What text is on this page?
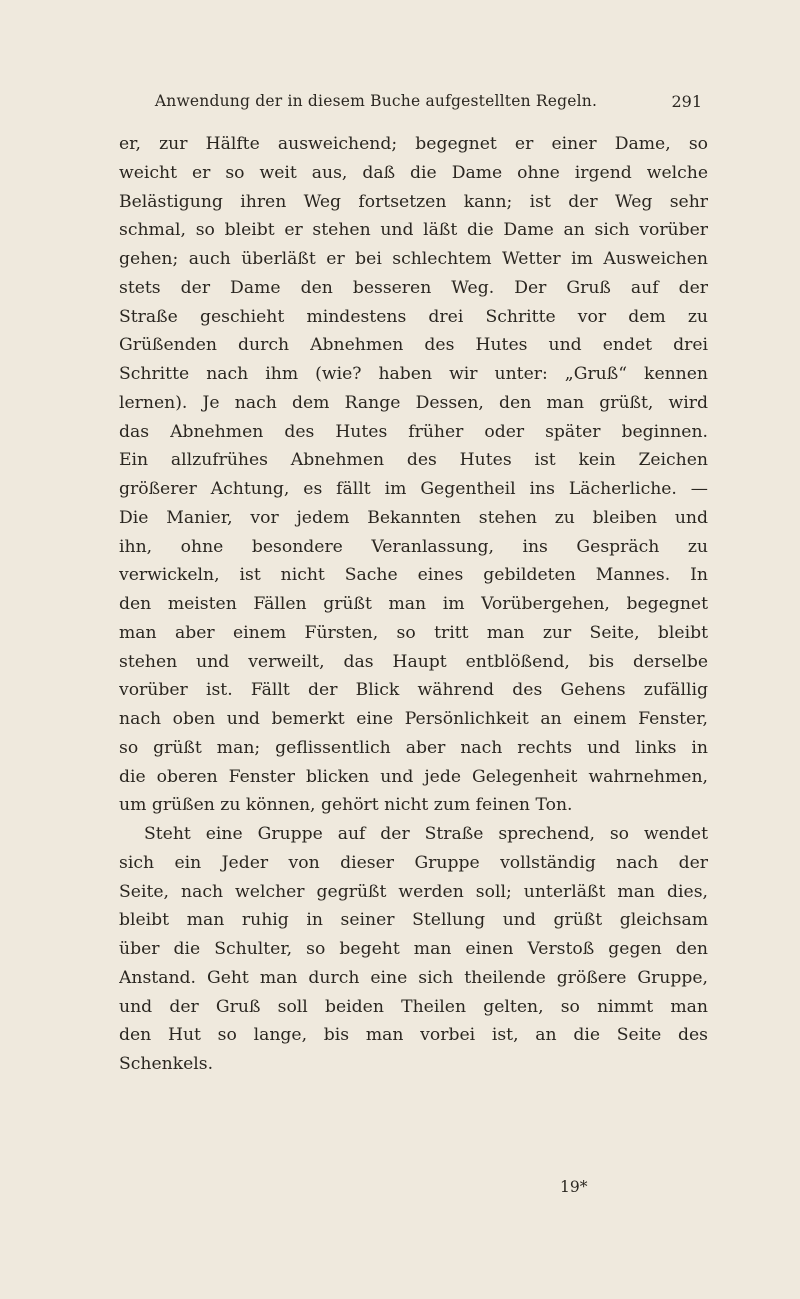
Anwendung der in diesem Buche aufgestellten Regeln.	291
er, zur Hälfte ausweichend; begegnet er einer Dame, so
weicht er so weit aus, daß die Dame ohne irgend welche
Belästigung ihren Weg fortsetzen kann; ist der Weg sehr
schmal, so bleibt er stehen und läßt die Dame an sich vorüber
gehen; auch überläßt er bei schlechtem Wetter im Ausweichen
stets der Dame den besseren Weg. Der Gruß auf der
Straße geschieht mindestens drei Schritte vor dem zu
Grüßenden durch Abnehmen des Hutes und endet drei
Schritte nach ihm (wie? haben wir unter: „Gruß“ kennen
lernen). Je nach dem Range Dessen, den man grüßt, wird
das Abnehmen des Hutes früher oder später beginnen.
Ein allzufrühes Abnehmen des Hutes ist kein Zeichen
größerer Achtung, es fällt im Gegentheil ins Lächerliche. —
Die Manier, vor jedem Bekannten stehen zu bleiben und
ihn, ohne besondere Veranlassung, ins Gespräch zu
verwickeln, ist nicht Sache eines gebildeten Mannes. In
den meisten Fällen grüßt man im Vorübergehen, begegnet
man aber einem Fürsten, so tritt man zur Seite, bleibt
stehen und verweilt, das Haupt entblößend, bis derselbe
vorüber ist. Fällt der Blick während des Gehens zufällig
nach oben und bemerkt eine Persönlichkeit an einem Fenster,
so grüßt man; geflissentlich aber nach rechts und links in
die oberen Fenster blicken und jede Gelegenheit wahrnehmen,
um grüßen zu können, gehört nicht zum feinen Ton.
Steht eine Gruppe auf der Straße sprechend, so wendet
sich ein Jeder von dieser Gruppe vollständig nach der
Seite, nach welcher gegrüßt werden soll; unterläßt man dies,
bleibt man ruhig in seiner Stellung und grüßt gleichsam
über die Schulter, so begeht man einen Verstoß gegen den
Anstand. Geht man durch eine sich theilende größere Gruppe,
und der Gruß soll beiden Theilen gelten, so nimmt man
den Hut so lange, bis man vorbei ist, an die Seite des
Schenkels.
19*
